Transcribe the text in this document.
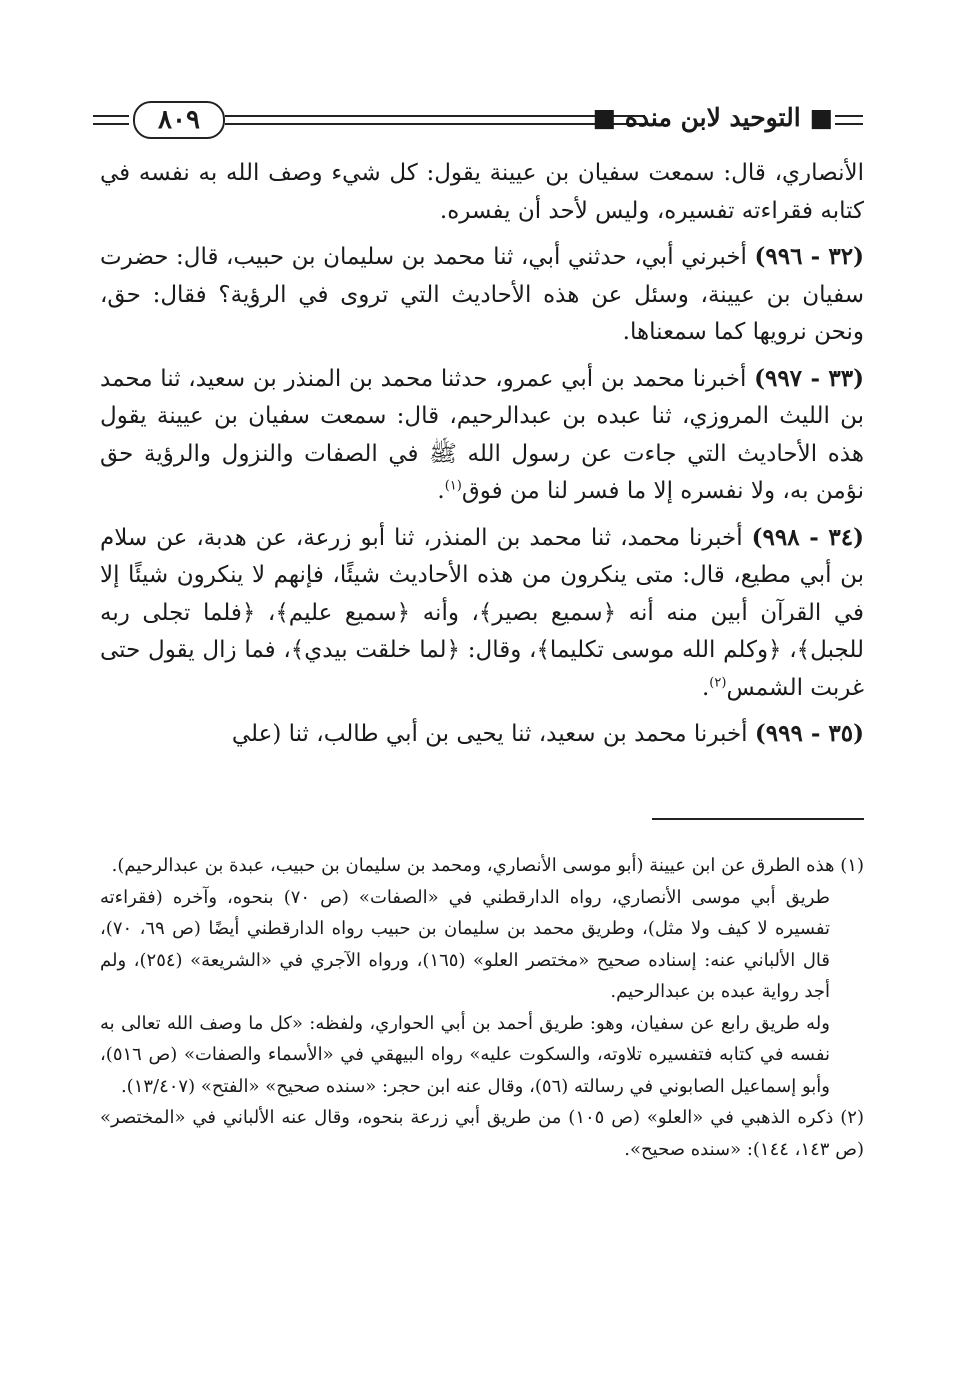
٨٠٩	■ التوحيد لابن منده ■

الأنصاري، قال: سمعت سفيان بن عيينة يقول: كل شيء وصف الله به نفسه في كتابه فقراءته تفسيره، وليس لأحد أن يفسره.

(٣٢ - ٩٩٦) أخبرني أبي، حدثني أبي، ثنا محمد بن سليمان بن حبيب، قال: حضرت سفيان بن عيينة، وسئل عن هذه الأحاديث التي تروى في الرؤية؟ فقال: حق، ونحن نرويها كما سمعناها.

(٣٣ - ٩٩٧) أخبرنا محمد بن أبي عمرو، حدثنا محمد بن المنذر بن سعيد، ثنا محمد بن الليث المروزي، ثنا عبده بن عبدالرحيم، قال: سمعت سفيان بن عيينة يقول هذه الأحاديث التي جاءت عن رسول الله ﷺ في الصفات والنزول والرؤية حق نؤمن به، ولا نفسره إلا ما فسر لنا من فوق$^{(١)}$.

(٣٤ - ٩٩٨) أخبرنا محمد، ثنا محمد بن المنذر، ثنا أبو زرعة، عن هدبة، عن سلام بن أبي مطيع، قال: متى ينكرون من هذه الأحاديث شيئًا، فإنهم لا ينكرون شيئًا إلا في القرآن أبين منه أنه ﴿سميع بصير﴾، وأنه ﴿سميع عليم﴾، ﴿فلما تجلى ربه للجبل﴾، ﴿وكلم الله موسى تكليما﴾، وقال: ﴿لما خلقت بيدي﴾، فما زال يقول حتى غربت الشمس$^{(٢)}$.

(٣٥ - ٩٩٩) أخبرنا محمد بن سعيد، ثنا يحيى بن أبي طالب، ثنا (علي

(١) هذه الطرق عن ابن عيينة (أبو موسى الأنصاري، ومحمد بن سليمان بن حبيب، عبدة بن عبدالرحيم).

طريق أبي موسى الأنصاري، رواه الدارقطني في «الصفات» (ص ٧٠) بنحوه، وآخره (فقراءته تفسيره لا كيف ولا مثل)، وطريق محمد بن سليمان بن حبيب رواه الدارقطني أيضًا (ص ٦٩، ٧٠)، قال الألباني عنه: إسناده صحيح «مختصر العلو» (١٦٥)، ورواه الآجري في «الشريعة» (٢٥٤)، ولم أجد رواية عبده بن عبدالرحيم.

وله طريق رابع عن سفيان، وهو: طريق أحمد بن أبي الحواري، ولفظه: «كل ما وصف الله تعالى به نفسه في كتابه فتفسيره تلاوته، والسكوت عليه» رواه البيهقي في «الأسماء والصفات» (ص ٥١٦)، وأبو إسماعيل الصابوني في رسالته (٥٦)، وقال عنه ابن حجر: «سنده صحيح» «الفتح» (١٣/٤٠٧).

(٢) ذكره الذهبي في «العلو» (ص ١٠٥) من طريق أبي زرعة بنحوه، وقال عنه الألباني في «المختصر» (ص ١٤٣، ١٤٤): «سنده صحيح».
